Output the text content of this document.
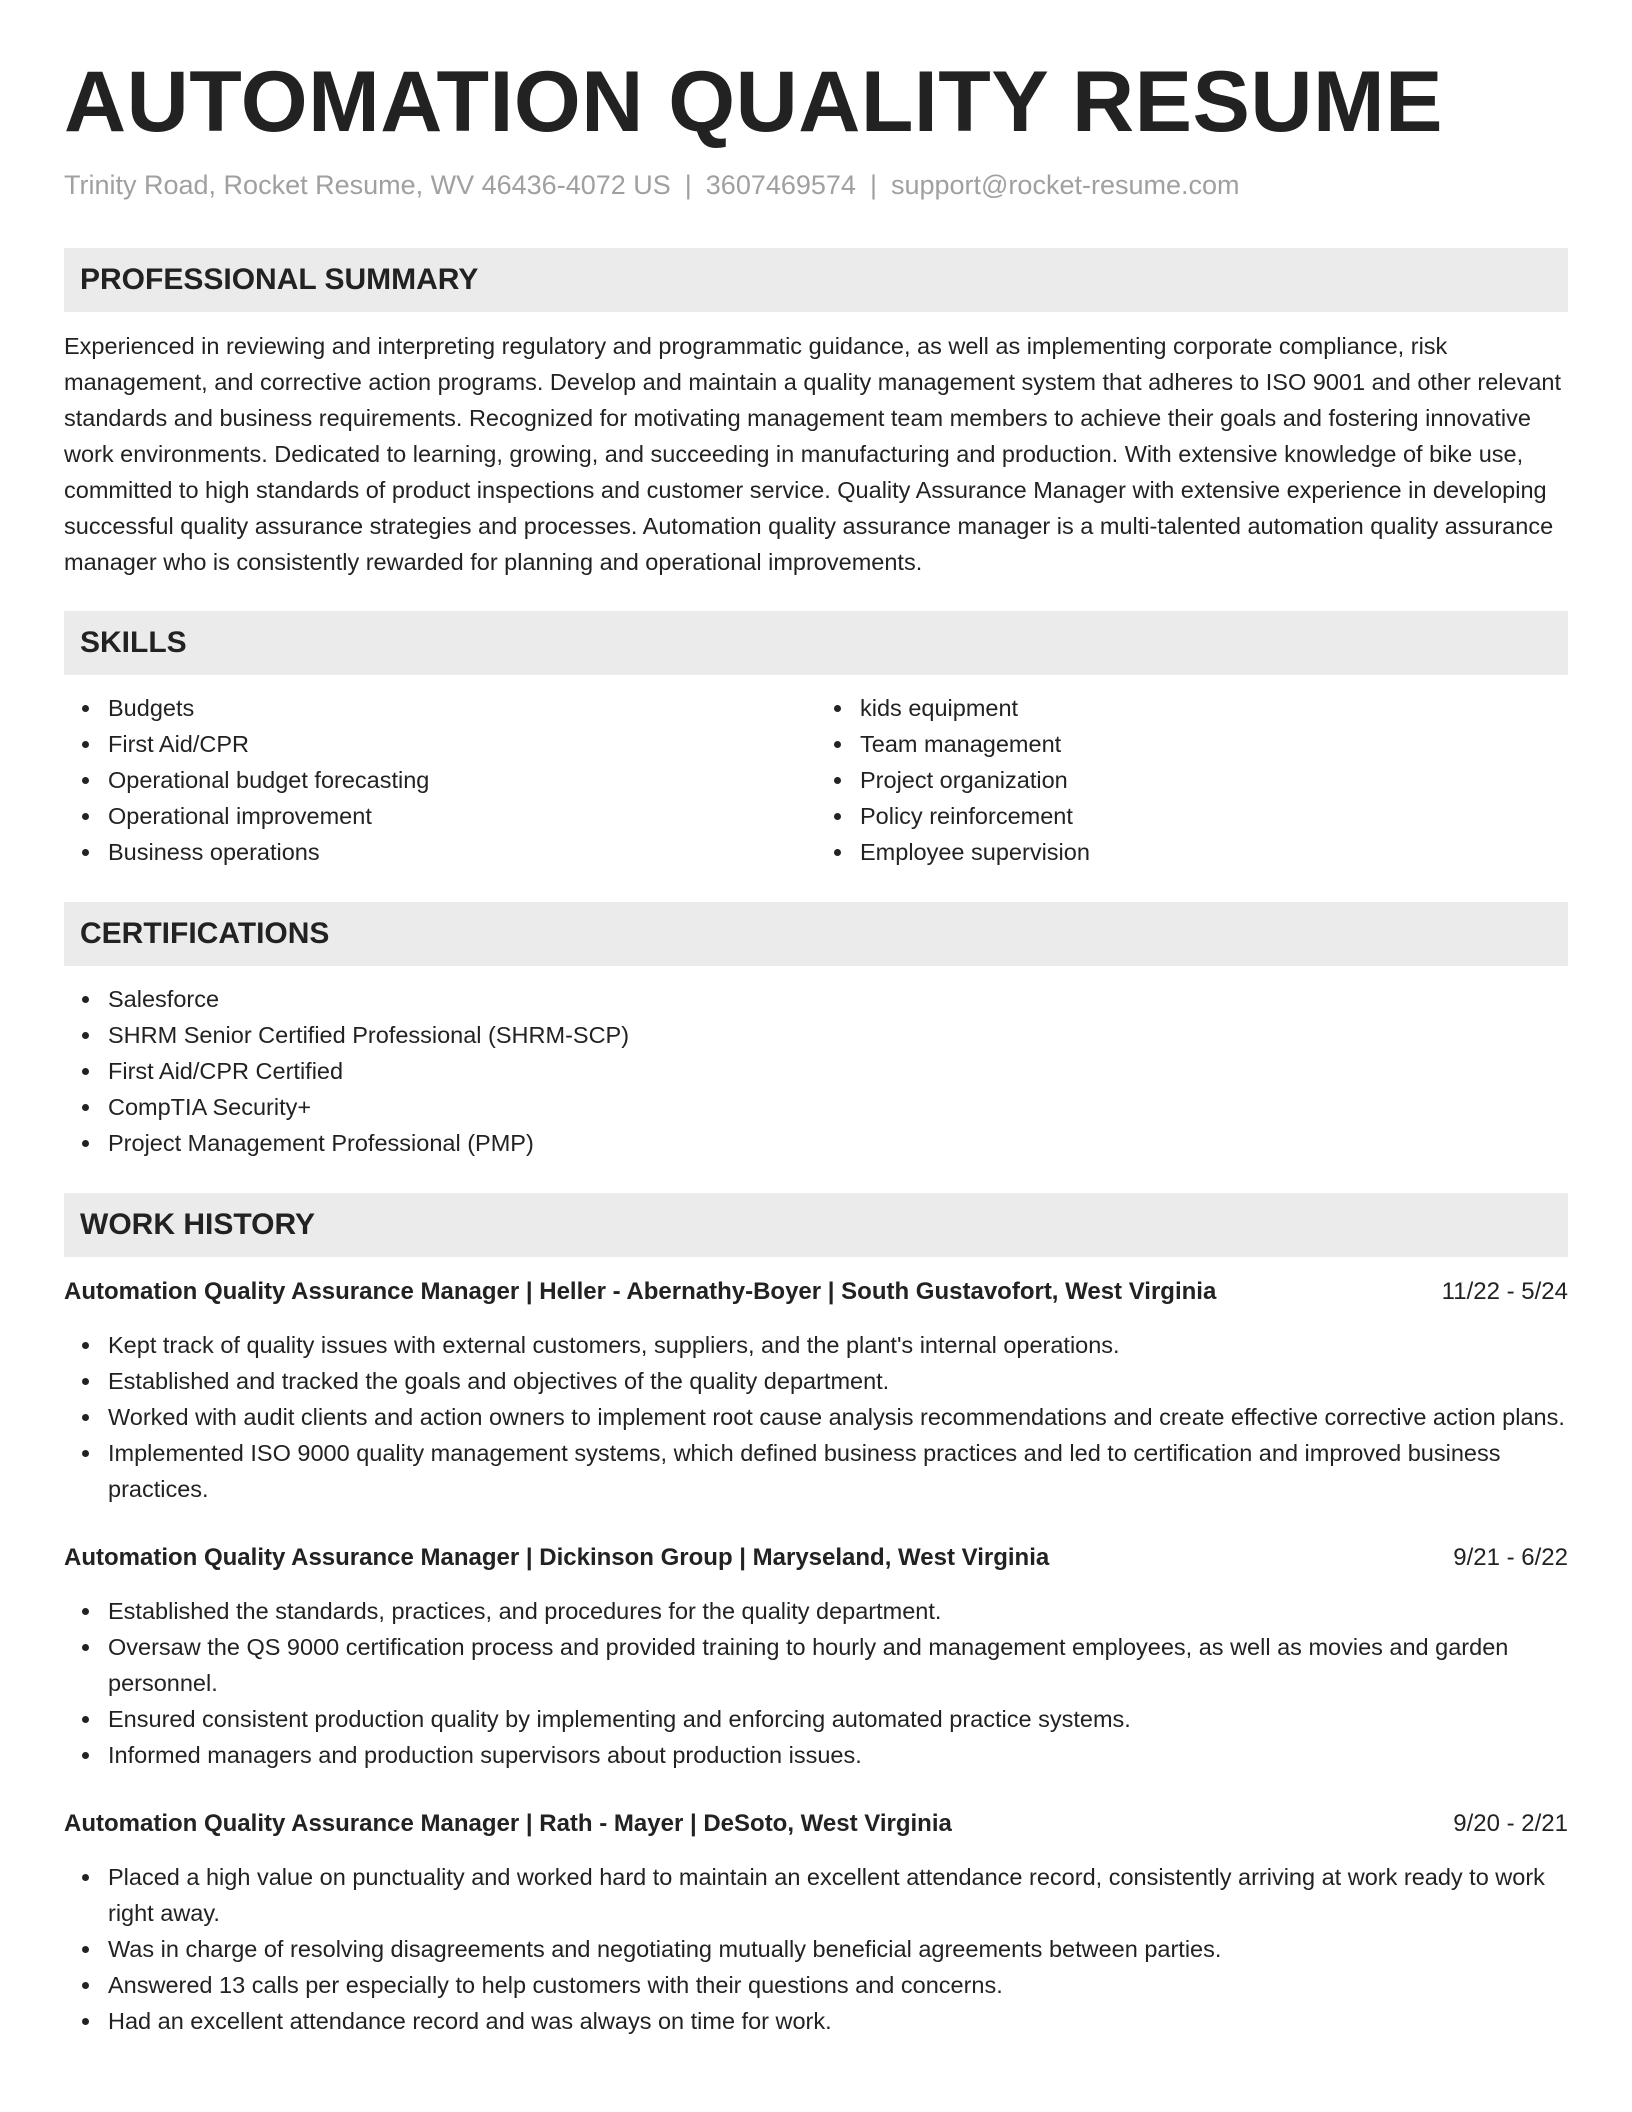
AUTOMATION QUALITY RESUME
Trinity Road, Rocket Resume, WV 46436-4072 US | 3607469574 | support@rocket-resume.com
PROFESSIONAL SUMMARY

Experienced in reviewing and interpreting regulatory and programmatic guidance, as well as implementing corporate compliance, risk management, and corrective action programs. Develop and maintain a quality management system that adheres to ISO 9001 and other relevant standards and business requirements. Recognized for motivating management team members to achieve their goals and fostering innovative work environments. Dedicated to learning, growing, and succeeding in manufacturing and production. With extensive knowledge of bike use, committed to high standards of product inspections and customer service. Quality Assurance Manager with extensive experience in developing successful quality assurance strategies and processes. Automation quality assurance manager is a multi-talented automation quality assurance manager who is consistently rewarded for planning and operational improvements.

SKILLS
Budgets
First Aid/CPR
Operational budget forecasting
Operational improvement
Business operations
kids equipment
Team management
Project organization
Policy reinforcement
Employee supervision
CERTIFICATIONS
Salesforce
SHRM Senior Certified Professional (SHRM-SCP)
First Aid/CPR Certified
CompTIA Security+
Project Management Professional (PMP)
WORK HISTORY
Automation Quality Assurance Manager | Heller - Abernathy-Boyer | South Gustavofort, West Virginia	11/22 - 5/24
Kept track of quality issues with external customers, suppliers, and the plant's internal operations.
Established and tracked the goals and objectives of the quality department.
Worked with audit clients and action owners to implement root cause analysis recommendations and create effective corrective action plans.
Implemented ISO 9000 quality management systems, which defined business practices and led to certification and improved business practices.
Automation Quality Assurance Manager | Dickinson Group | Maryseland, West Virginia	9/21 - 6/22
Established the standards, practices, and procedures for the quality department.
Oversaw the QS 9000 certification process and provided training to hourly and management employees, as well as movies and garden personnel.
Ensured consistent production quality by implementing and enforcing automated practice systems.
Informed managers and production supervisors about production issues.
Automation Quality Assurance Manager | Rath - Mayer | DeSoto, West Virginia	9/20 - 2/21
Placed a high value on punctuality and worked hard to maintain an excellent attendance record, consistently arriving at work ready to work right away.
Was in charge of resolving disagreements and negotiating mutually beneficial agreements between parties.
Answered 13 calls per especially to help customers with their questions and concerns.
Had an excellent attendance record and was always on time for work.
